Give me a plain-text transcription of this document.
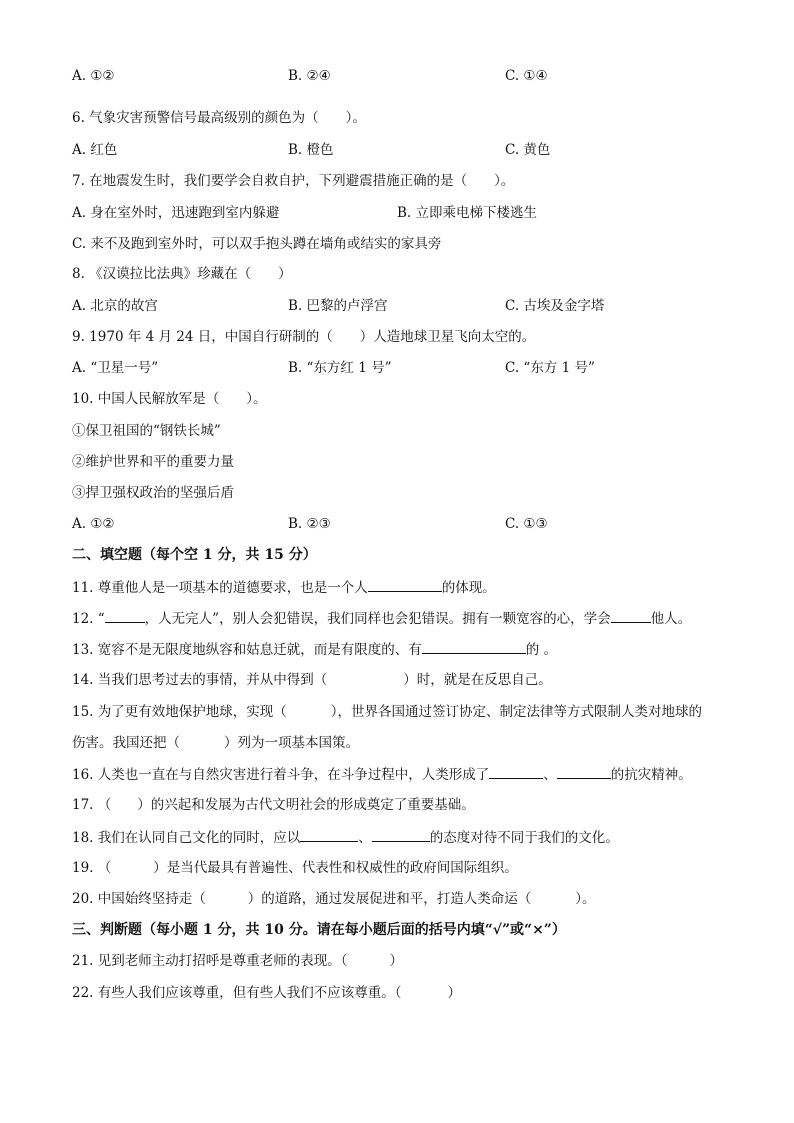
A. ①②	B. ②④	C. ①④
6. 气象灾害预警信号最高级别的颜色为（　　）。
A. 红色	B. 橙色	C. 黄色
7. 在地震发生时，我们要学会自救自护，下列避震措施正确的是（　　）。
A. 身在室外时，迅速跑到室内躲避	B. 立即乘电梯下楼逃生
C. 来不及跑到室外时，可以双手抱头蹲在墙角或结实的家具旁
8. 《汉谟拉比法典》珍藏在（　　）
A. 北京的故宫	B. 巴黎的卢浮宫	C. 古埃及金字塔
9. 1970 年 4 月 24 日，中国自行研制的（　　）人造地球卫星飞向太空的。
A. “卫星一号”	B. “东方红 1 号”	C. “东方 1 号”
10. 中国人民解放军是（　　）。
①保卫祖国的“钢铁长城”
②维护世界和平的重要力量
③捍卫强权政治的坚强后盾
A. ①②	B. ②③	C. ①③
二、填空题（每个空 1 分，共 15 分）
11. 尊重他人是一项基本的道德要求，也是一个人	的体现。
12. “	，人无完人”，别人会犯错误，我们同样也会犯错误。拥有一颗宽容的心，学会	他人。
13. 宽容不是无限度地纵容和姑息迁就，而是有限度的、有	的 。
14. 当我们思考过去的事情，并从中得到（	）时，就是在反思自己。
15. 为了更有效地保护地球，实现（	），世界各国通过签订协定、制定法律等方式限制人类对地球的
伤害。我国还把（	）列为一项基本国策。
16. 人类也一直在与自然灾害进行着斗争，在斗争过程中，人类形成了	、	的抗灾精神。
17. （ ）的兴起和发展为古代文明社会的形成奠定了重要基础。
18. 我们在认同自己文化的同时，应以	、	的态度对待不同于我们的文化。
19. （	）是当代最具有普遍性、代表性和权威性的政府间国际组织。
20. 中国始终坚持走（	）的道路，通过发展促进和平，打造人类命运（	）。
三、判断题（每小题 1 分，共 10 分。请在每小题后面的括号内填“√”或“×”）
21. 见到老师主动打招呼是尊重老师的表现。（	）
22. 有些人我们应该尊重，但有些人我们不应该尊重。（	）
